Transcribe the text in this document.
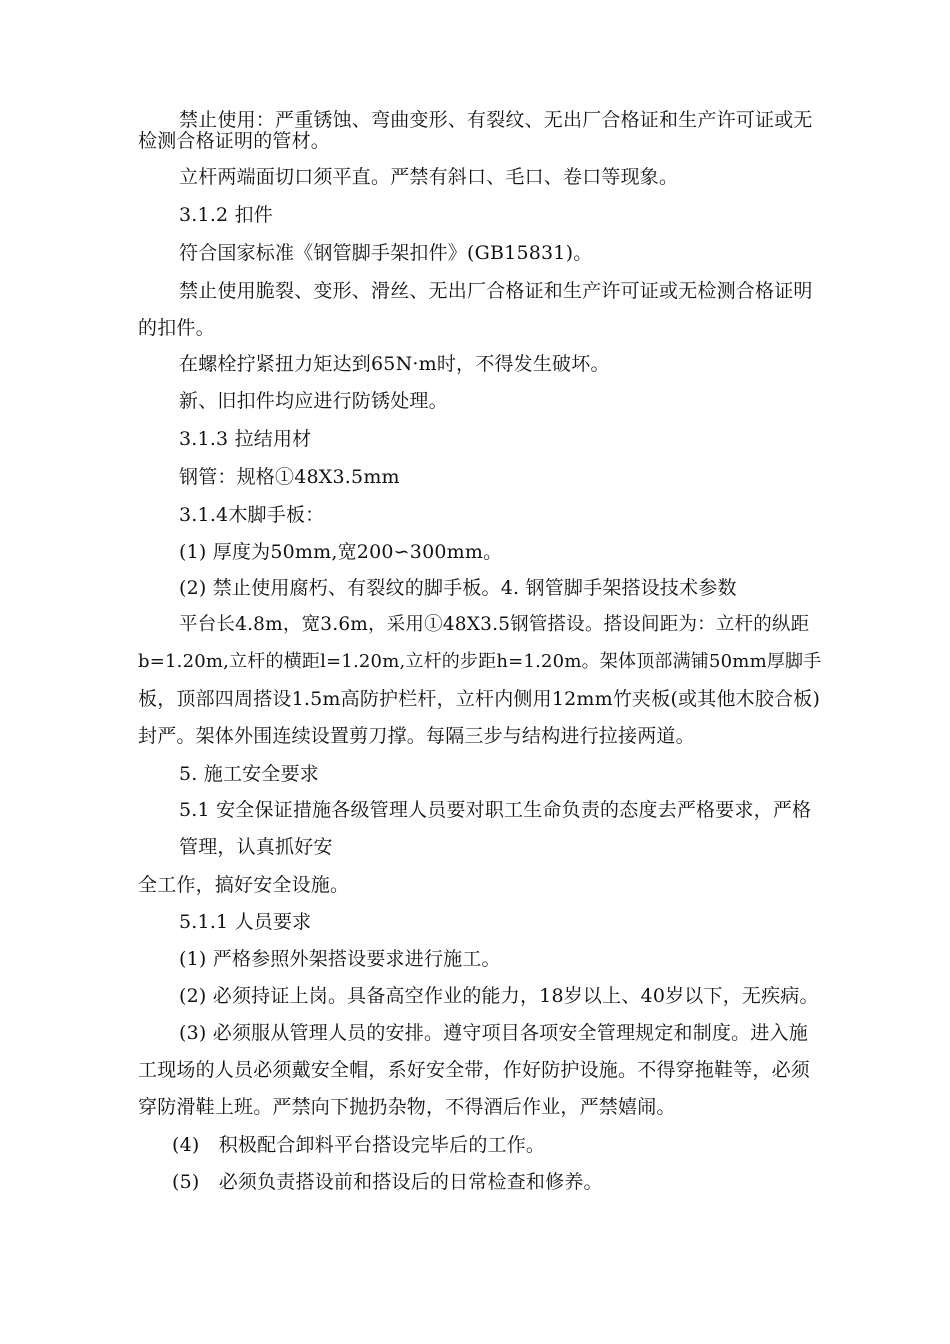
禁止使用：严重锈蚀、弯曲变形、有裂纹、无出厂合格证和生产许可证或无
检测合格证明的管材。
立杆两端面切口须平直。严禁有斜口、毛口、卷口等现象。
3.1.2 扣件
符合国家标准《钢管脚手架扣件》(GB15831)。
禁止使用脆裂、变形、滑丝、无出厂合格证和生产许可证或无检测合格证明
的扣件。
在螺栓拧紧扭力矩达到65N·m时，不得发生破坏。
新、旧扣件均应进行防锈处理。
3.1.3 拉结用材
钢管：规格①48X3.5mm
3.1.4木脚手板：
(1) 厚度为50mm,宽200∽300mm。
(2) 禁止使用腐朽、有裂纹的脚手板。4. 钢管脚手架搭设技术参数
平台长4.8m，宽3.6m，采用①48X3.5钢管搭设。搭设间距为：立杆的纵距
b=1.20m,立杆的横距l=1.20m,立杆的步距h=1.20m。架体顶部满铺50mm厚脚手
板，顶部四周搭设1.5m高防护栏杆，立杆内侧用12mm竹夹板(或其他木胶合板)
封严。架体外围连续设置剪刀撑。每隔三步与结构进行拉接两道。
5. 施工安全要求
5.1 安全保证措施各级管理人员要对职工生命负责的态度去严格要求，严格
管理，认真抓好安
全工作，搞好安全设施。
5.1.1 人员要求
(1) 严格参照外架搭设要求进行施工。
(2) 必须持证上岗。具备高空作业的能力，18岁以上、40岁以下，无疾病。
(3) 必须服从管理人员的安排。遵守项目各项安全管理规定和制度。进入施
工现场的人员必须戴安全帽，系好安全带，作好防护设施。不得穿拖鞋等，必须
穿防滑鞋上班。严禁向下抛扔杂物，不得酒后作业，严禁嬉闹。
(4)　积极配合卸料平台搭设完毕后的工作。
(5)　必须负责搭设前和搭设后的日常检查和修养。
